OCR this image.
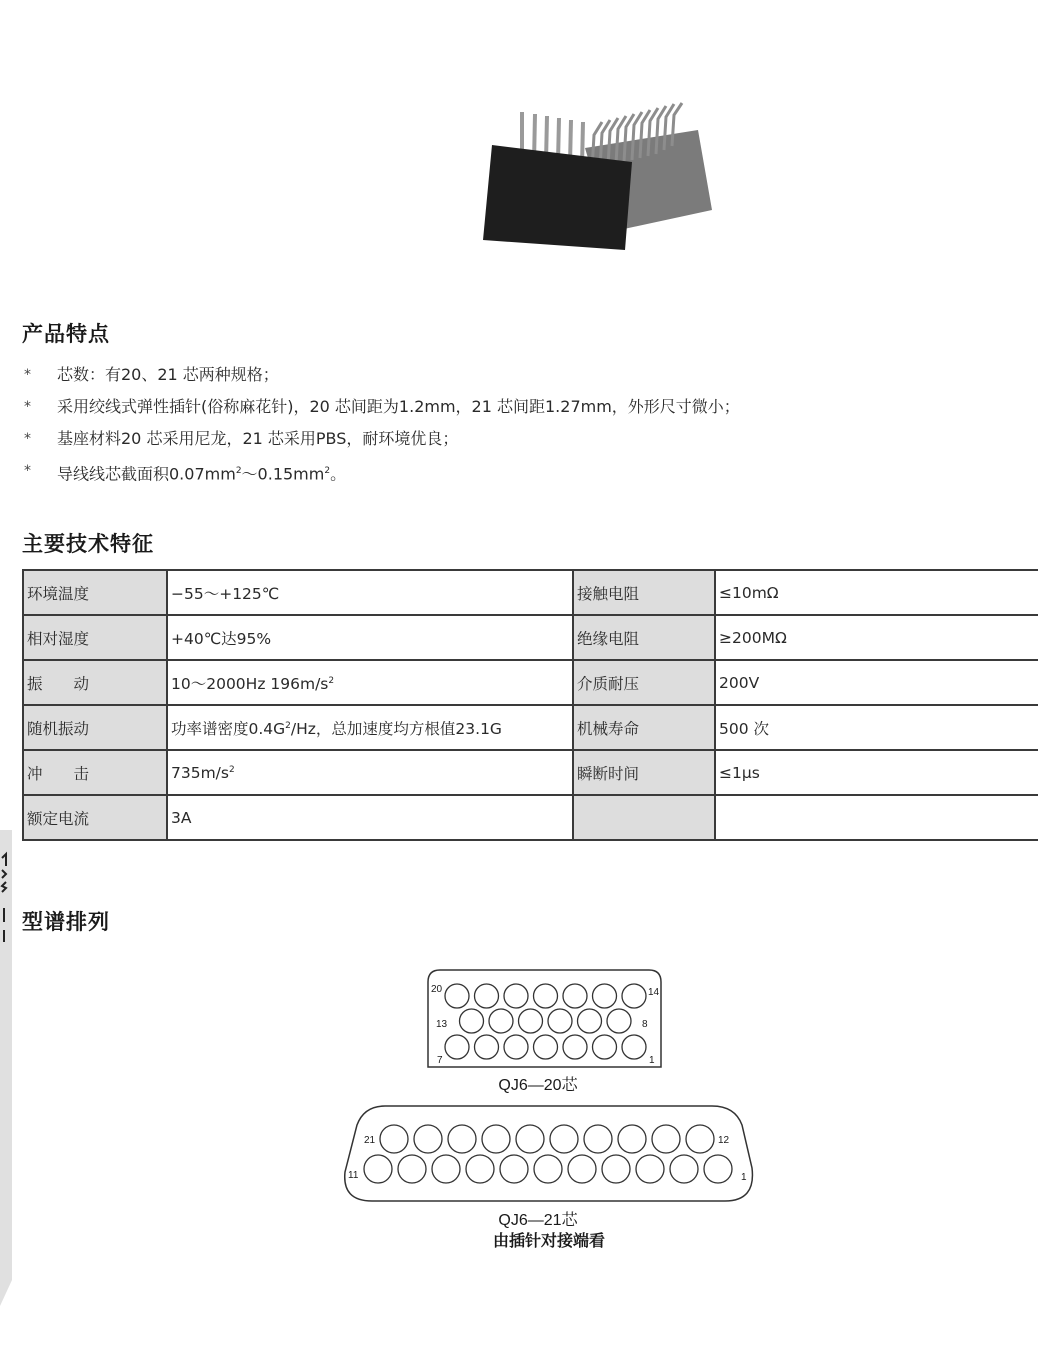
产品特点
*	芯数：有20、21 芯两种规格；
*	采用绞线式弹性插针(俗称麻花针)，20 芯间距为1.2mm，21 芯间距1.27mm，外形尺寸微小；
*	基座材料20 芯采用尼龙，21 芯采用PBS，耐环境优良；
*	导线线芯截面积$0.07mm^2\sim 0.15mm^2$。
主要技术特征
环境温度	−55～+125℃	接触电阻	≤10mΩ
相对湿度	+40℃达95%	绝缘电阻	≥200MΩ
振　　动	10～2000Hz $196m/s^2$	介质耐压	200V
随机振动	功率谱密度$0.4G^2/Hz$，总加速度均方根值23.1G	机械寿命	500 次
冲　　击	$735m/s^2$	瞬断时间	≤1μs
额定电流	3A		
型谱排列
20	14
13	8
7	1
QJ6—20芯
21	12
11	1
QJ6—21芯
由插针对接端看
